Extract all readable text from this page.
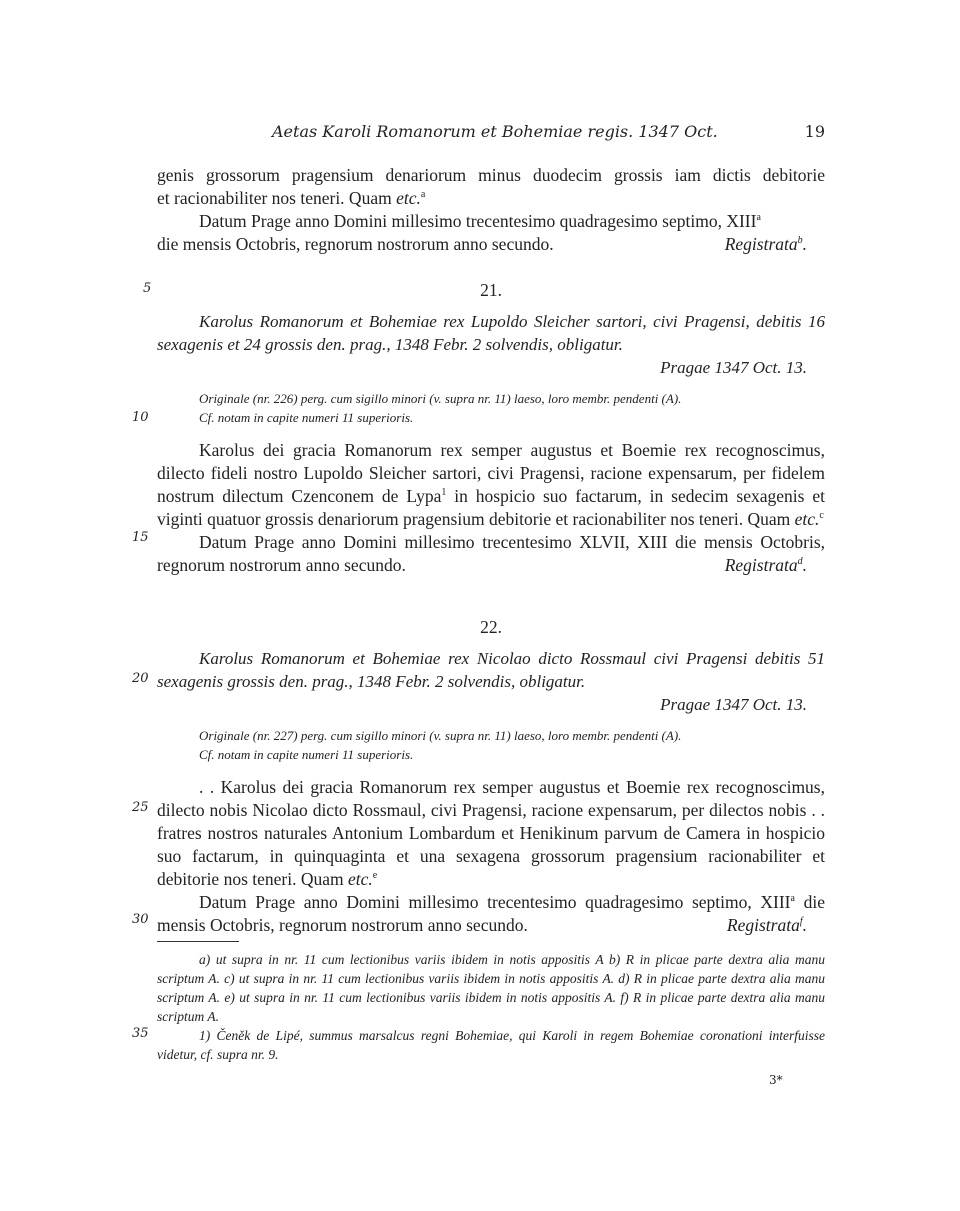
Aetas Karoli Romanorum et Bohemiae regis. 1347 Oct.	19
5
10
15
20
25
30
35

genis grossorum pragensium denariorum minus duodecim grossis iam dictis debitorie

et racionabiliter nos teneri. Quam etc.$^a$

Datum Prage anno Domini millesimo trecentesimo quadragesimo septimo, XIII$^a$

die mensis Octobris, regnorum nostrorum anno secundo.	Registrata$^b$.

21.

Karolus Romanorum et Bohemiae rex Lupoldo Sleicher sartori, civi Pragensi, debitis 16 sexagenis et 24 grossis den. prag., 1348 Febr. 2 solvendis, obligatur.

Pragae 1347 Oct. 13.

Originale (nr. 226) perg. cum sigillo minori (v. supra nr. 11) laeso, loro membr. pendenti (A).

Cf. notam in capite numeri 11 superioris.

Karolus dei gracia Romanorum rex semper augustus et Boemie rex recognoscimus, dilecto fideli nostro Lupoldo Sleicher sartori, civi Pragensi, racione expensarum, per fidelem nostrum dilectum Czenconem de Lypa$^1$ in hospicio suo factarum, in sedecim sexagenis et viginti quatuor grossis denariorum pragensium debitorie et racionabiliter nos teneri. Quam etc.$^c$

Datum Prage anno Domini millesimo trecentesimo XLVII, XIII die mensis Octobris, regnorum nostrorum anno secundo.	Registrata$^d$.

22.

Karolus Romanorum et Bohemiae rex Nicolao dicto Rossmaul civi Pragensi debitis 51 sexagenis grossis den. prag., 1348 Febr. 2 solvendis, obligatur.

Pragae 1347 Oct. 13.

Originale (nr. 227) perg. cum sigillo minori (v. supra nr. 11) laeso, loro membr. pendenti (A).

Cf. notam in capite numeri 11 superioris.

. . Karolus dei gracia Romanorum rex semper augustus et Boemie rex recognoscimus, dilecto nobis Nicolao dicto Rossmaul, civi Pragensi, racione expensarum, per dilectos nobis . . fratres nostros naturales Antonium Lombardum et Henikinum parvum de Camera in hospicio suo factarum, in quinquaginta et una sexagena grossorum pragensium racionabiliter et debitorie nos teneri. Quam etc.$^e$

Datum Prage anno Domini millesimo trecentesimo quadragesimo septimo, XIII$^a$ die mensis Octobris, regnorum nostrorum anno secundo.	Registrata$^f$.

a) ut supra in nr. 11 cum lectionibus variis ibidem in notis appositis A b) R in plicae parte dextra alia manu scriptum A. c) ut supra in nr. 11 cum lectionibus variis ibidem in notis appositis A. d) R in plicae parte dextra alia manu scriptum A. e) ut supra in nr. 11 cum lectionibus variis ibidem in notis appositis A. f) R in plicae parte dextra alia manu scriptum A.

1) Čeněk de Lipé, summus marsalcus regni Bohemiae, qui Karoli in regem Bohemiae coronationi interfuisse videtur, cf. supra nr. 9.

3*
